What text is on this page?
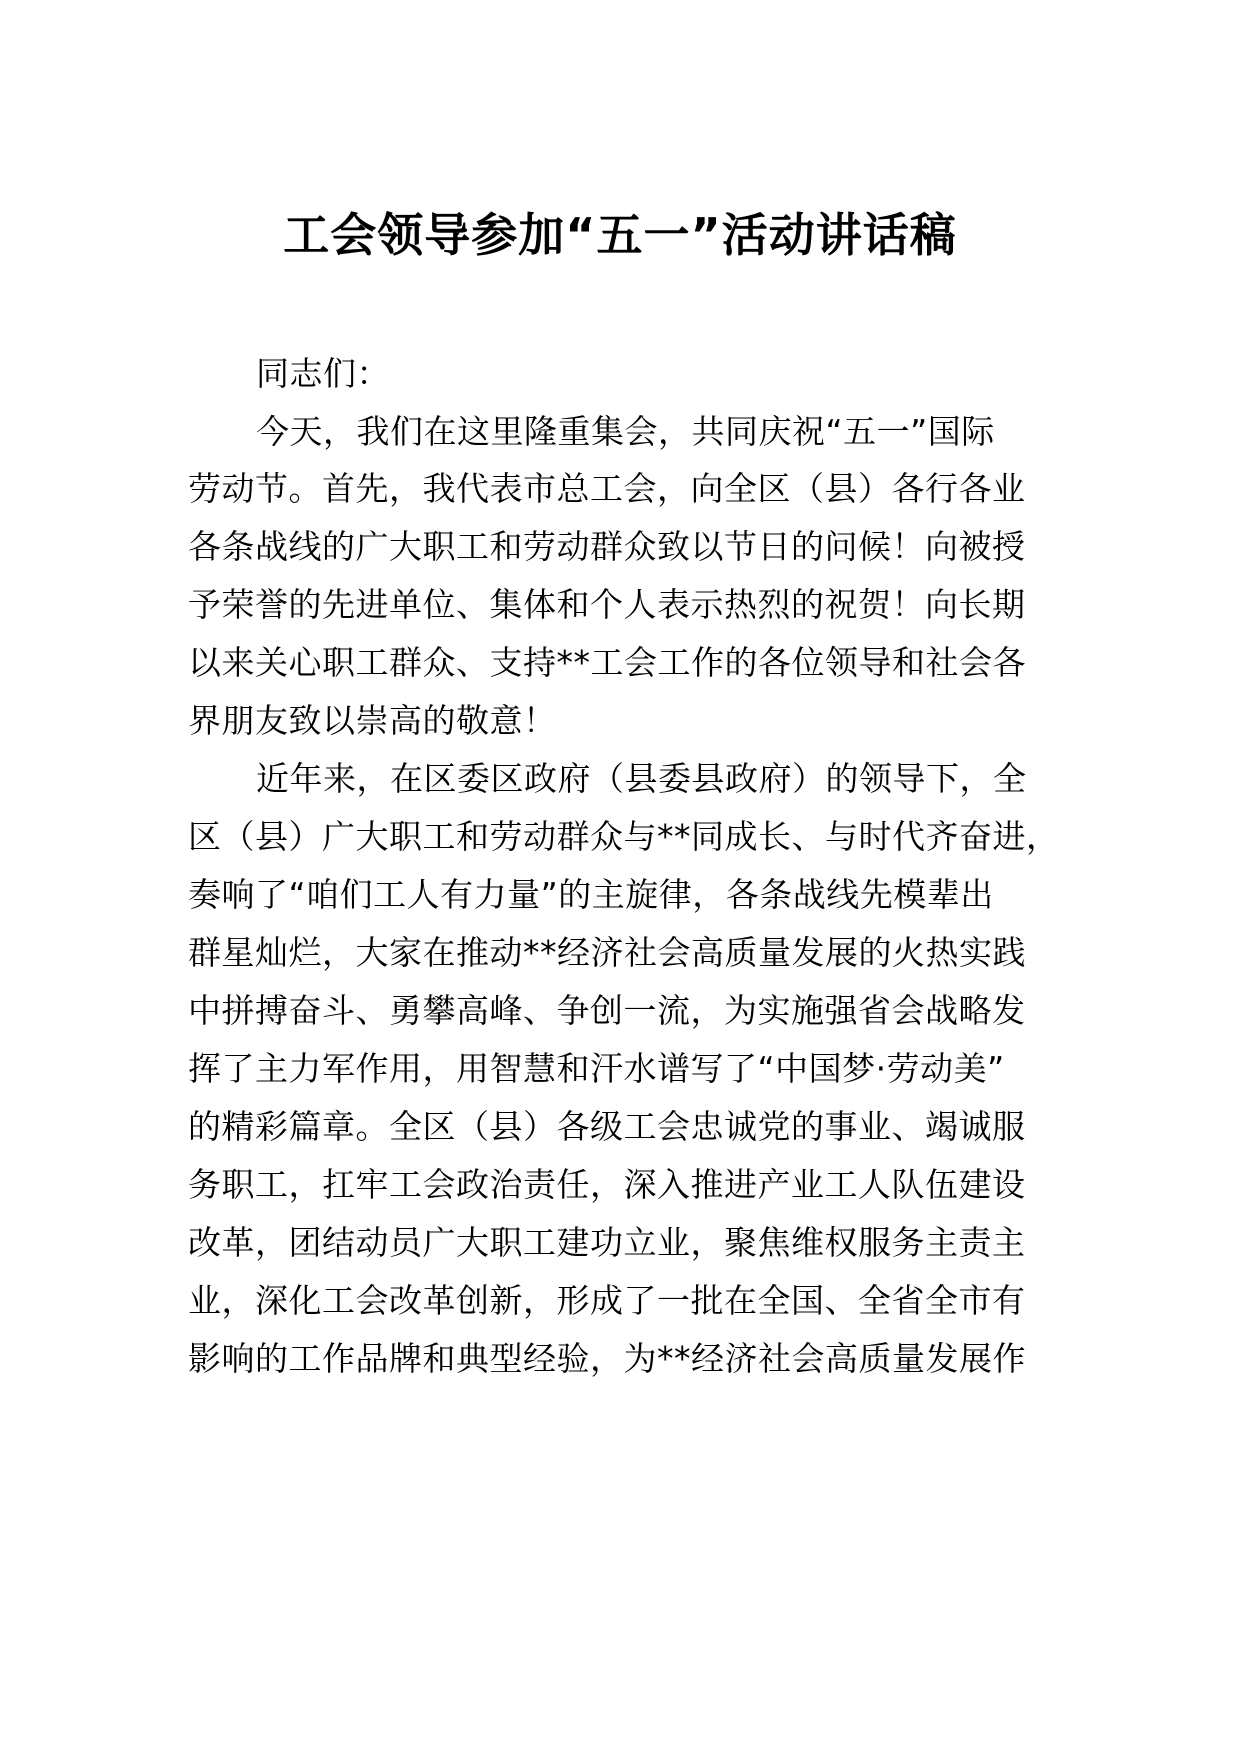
工会领导参加“五一”活动讲话稿
同志们：
今天，我们在这里隆重集会，共同庆祝“五一”国际
劳动节。首先，我代表市总工会，向全区（县）各行各业
各条战线的广大职工和劳动群众致以节日的问候！向被授
予荣誉的先进单位、集体和个人表示热烈的祝贺！向长期
以来关心职工群众、支持**工会工作的各位领导和社会各
界朋友致以崇高的敬意！
近年来，在区委区政府（县委县政府）的领导下，全
区（县）广大职工和劳动群众与**同成长、与时代齐奋进，
奏响了“咱们工人有力量”的主旋律，各条战线先模辈出
群星灿烂，大家在推动**经济社会高质量发展的火热实践
中拼搏奋斗、勇攀高峰、争创一流，为实施强省会战略发
挥了主力军作用，用智慧和汗水谱写了“中国梦·劳动美”
的精彩篇章。全区（县）各级工会忠诚党的事业、竭诚服
务职工，扛牢工会政治责任，深入推进产业工人队伍建设
改革，团结动员广大职工建功立业，聚焦维权服务主责主
业，深化工会改革创新，形成了一批在全国、全省全市有
影响的工作品牌和典型经验，为**经济社会高质量发展作
